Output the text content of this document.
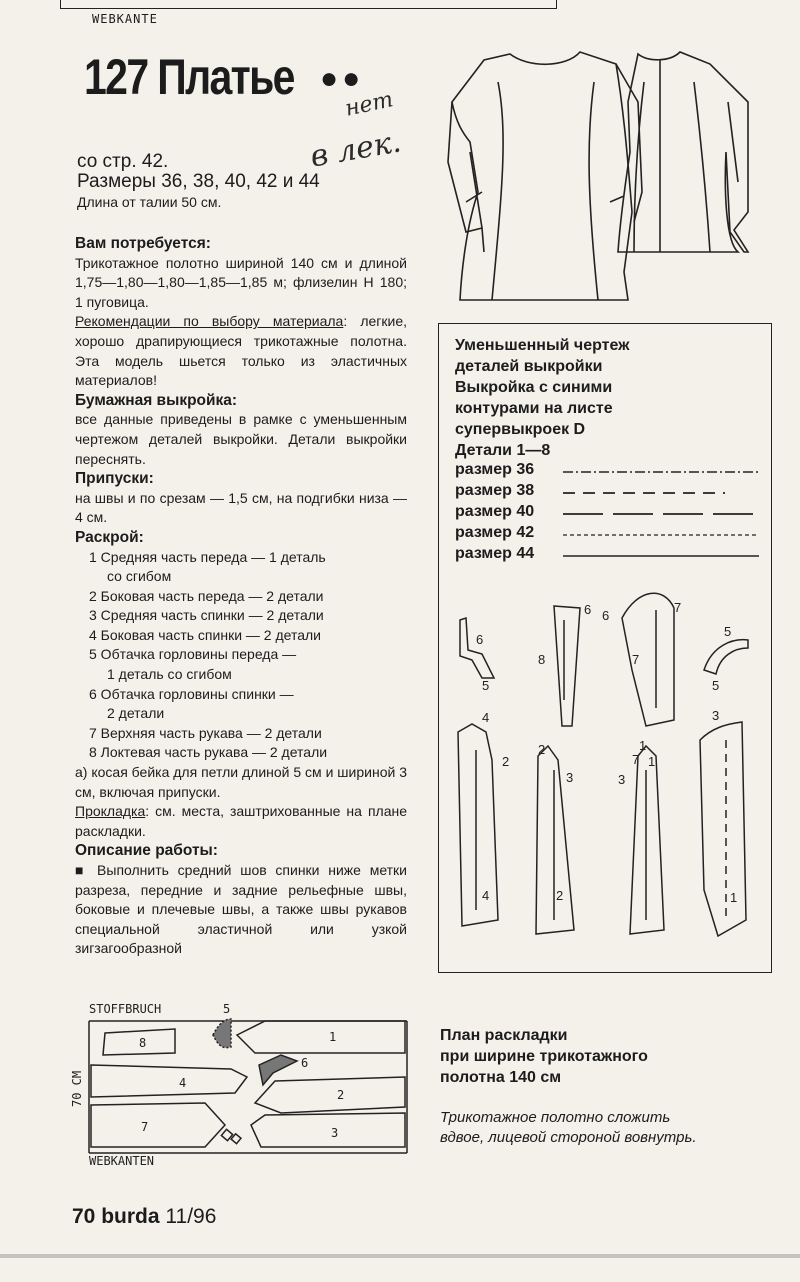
WEBKANTE
127 Платье ●●
нет
в лек.
со стр. 42.
Размеры 36, 38, 40, 42 и 44
Длина от талии 50 см.

Вам потребуется:

Трикотажное полотно шириной 140 см и длиной 1,75—1,80—1,80—1,85—1,85 м; флизелин Н 180; 1 пуговица.

Рекомендации по выбору материала: легкие, хорошо драпирующиеся трикотажные полотна. Эта модель шьется только из эластичных материалов!

Бумажная выкройка:

все данные приведены в рамке с уменьшенным чертежом деталей выкройки. Детали выкройки переснять.

Припуски:

на швы и по срезам — 1,5 см, на подгибки низа — 4 см.

Раскрой:

1 Средняя часть переда — 1 деталь

со сгибом

2 Боковая часть переда — 2 детали

3 Средняя часть спинки — 2 детали

4 Боковая часть спинки — 2 детали

5 Обтачка горловины переда —

1 деталь со сгибом

6 Обтачка горловины спинки —

2 детали

7 Верхняя часть рукава — 2 детали

8 Локтевая часть рукава — 2 детали

а) косая бейка для петли длиной 5 см и шириной 3 см, включая припуски.

Прокладка: см. места, заштрихованные на плане раскладки.

Описание работы:

■ Выполнить средний шов спинки ниже метки разреза, передние и задние рельефные швы, боковые и плечевые швы, а также швы рукавов специальной эластичной или узкой зигзагообразной

Уменьшенный чертеж
деталей выкройки
Выкройка с синими
контурами на листе
супервыкроек D
Детали 1—8
размер 36
размер 38
размер 40
размер 42
размер 44
6
5
8
6 6
7
7
5
5
4
2
2
3
1
3
7 1
3
4	2	1
STOFFBRUCH
WEBKANTEN
70 CM
8
5
1
6
4
2
7	3
План раскладки
при ширине трикотажного
полотна 140 см
Трикотажное полотно сложить
вдвое, лицевой стороной вовнутрь.
70 burda 11/96
